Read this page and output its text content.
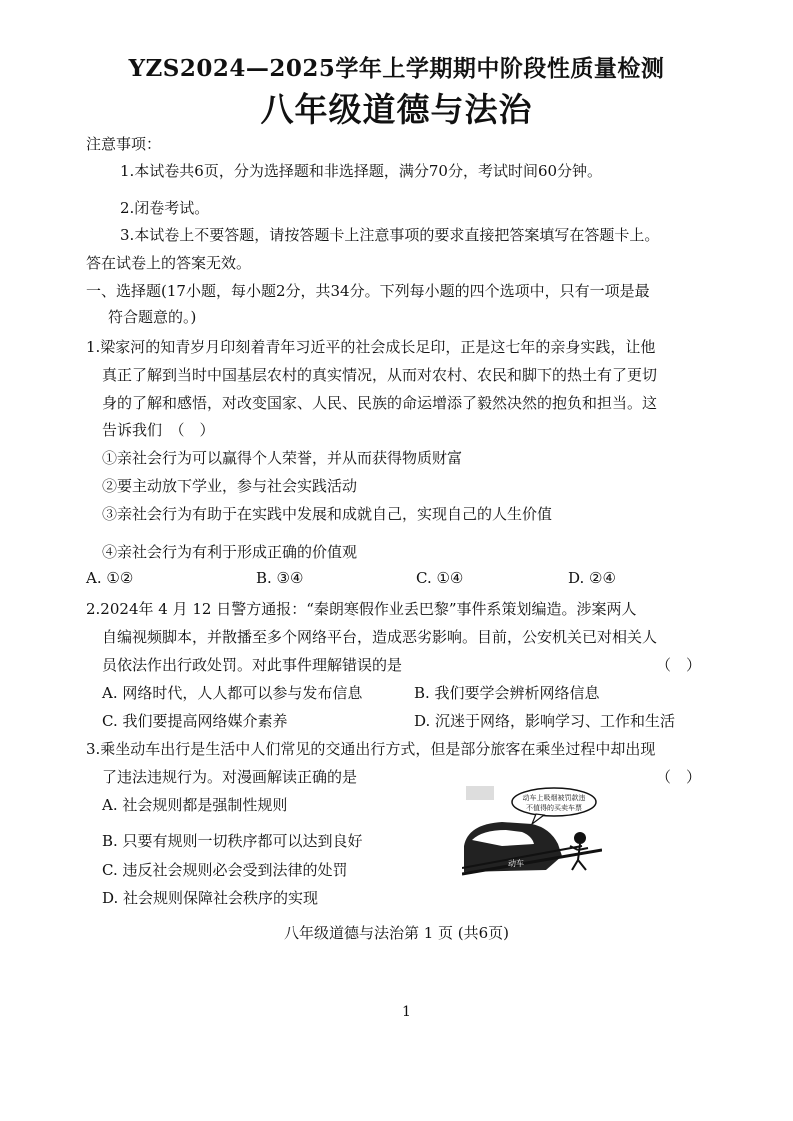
YZS2024—2025学年上学期期中阶段性质量检测
八年级道德与法治
注意事项：
1.本试卷共6页，分为选择题和非选择题，满分70分，考试时间60分钟。
2.闭卷考试。
3.本试卷上不要答题，请按答题卡上注意事项的要求直接把答案填写在答题卡上。
答在试卷上的答案无效。
一、选择题(17小题，每小题2分，共34分。下列每小题的四个选项中，只有一项是最
符合题意的。)
1.梁家河的知青岁月印刻着青年习近平的社会成长足印，正是这七年的亲身实践，让他
真正了解到当时中国基层农村的真实情况，从而对农村、农民和脚下的热土有了更切
身的了解和感悟，对改变国家、人民、民族的命运增添了毅然决然的抱负和担当。这
告诉我们　（　）
①亲社会行为可以赢得个人荣誉，并从而获得物质财富
②要主动放下学业，参与社会实践活动
③亲社会行为有助于在实践中发展和成就自己，实现自己的人生价值
④亲社会行为有利于形成正确的价值观
A. ①②	B. ③④	C. ①④	D. ②④
2.2024年 4 月 12 日警方通报：“秦朗寒假作业丢巴黎”事件系策划编造。涉案两人
自编视频脚本，并散播至多个网络平台，造成恶劣影响。目前，公安机关已对相关人
员依法作出行政处罚。对此事件理解错误的是	（　）
A. 网络时代，人人都可以参与发布信息	B. 我们要学会辨析网络信息
C. 我们要提高网络媒介素养	D. 沉迷于网络，影响学习、工作和生活
3.乘坐动车出行是生活中人们常见的交通出行方式，但是部分旅客在乘坐过程中却出现
了违法违规行为。对漫画解读正确的是	（　）
A. 社会规则都是强制性规则
B. 只要有规则一切秩序都可以达到良好
C. 违反社会规则必会受到法律的处罚
D. 社会规则保障社会秩序的实现
动车上吸烟被罚款违
不值得的买卖车票
动车
八年级道德与法治第 1 页 (共6页)
1
